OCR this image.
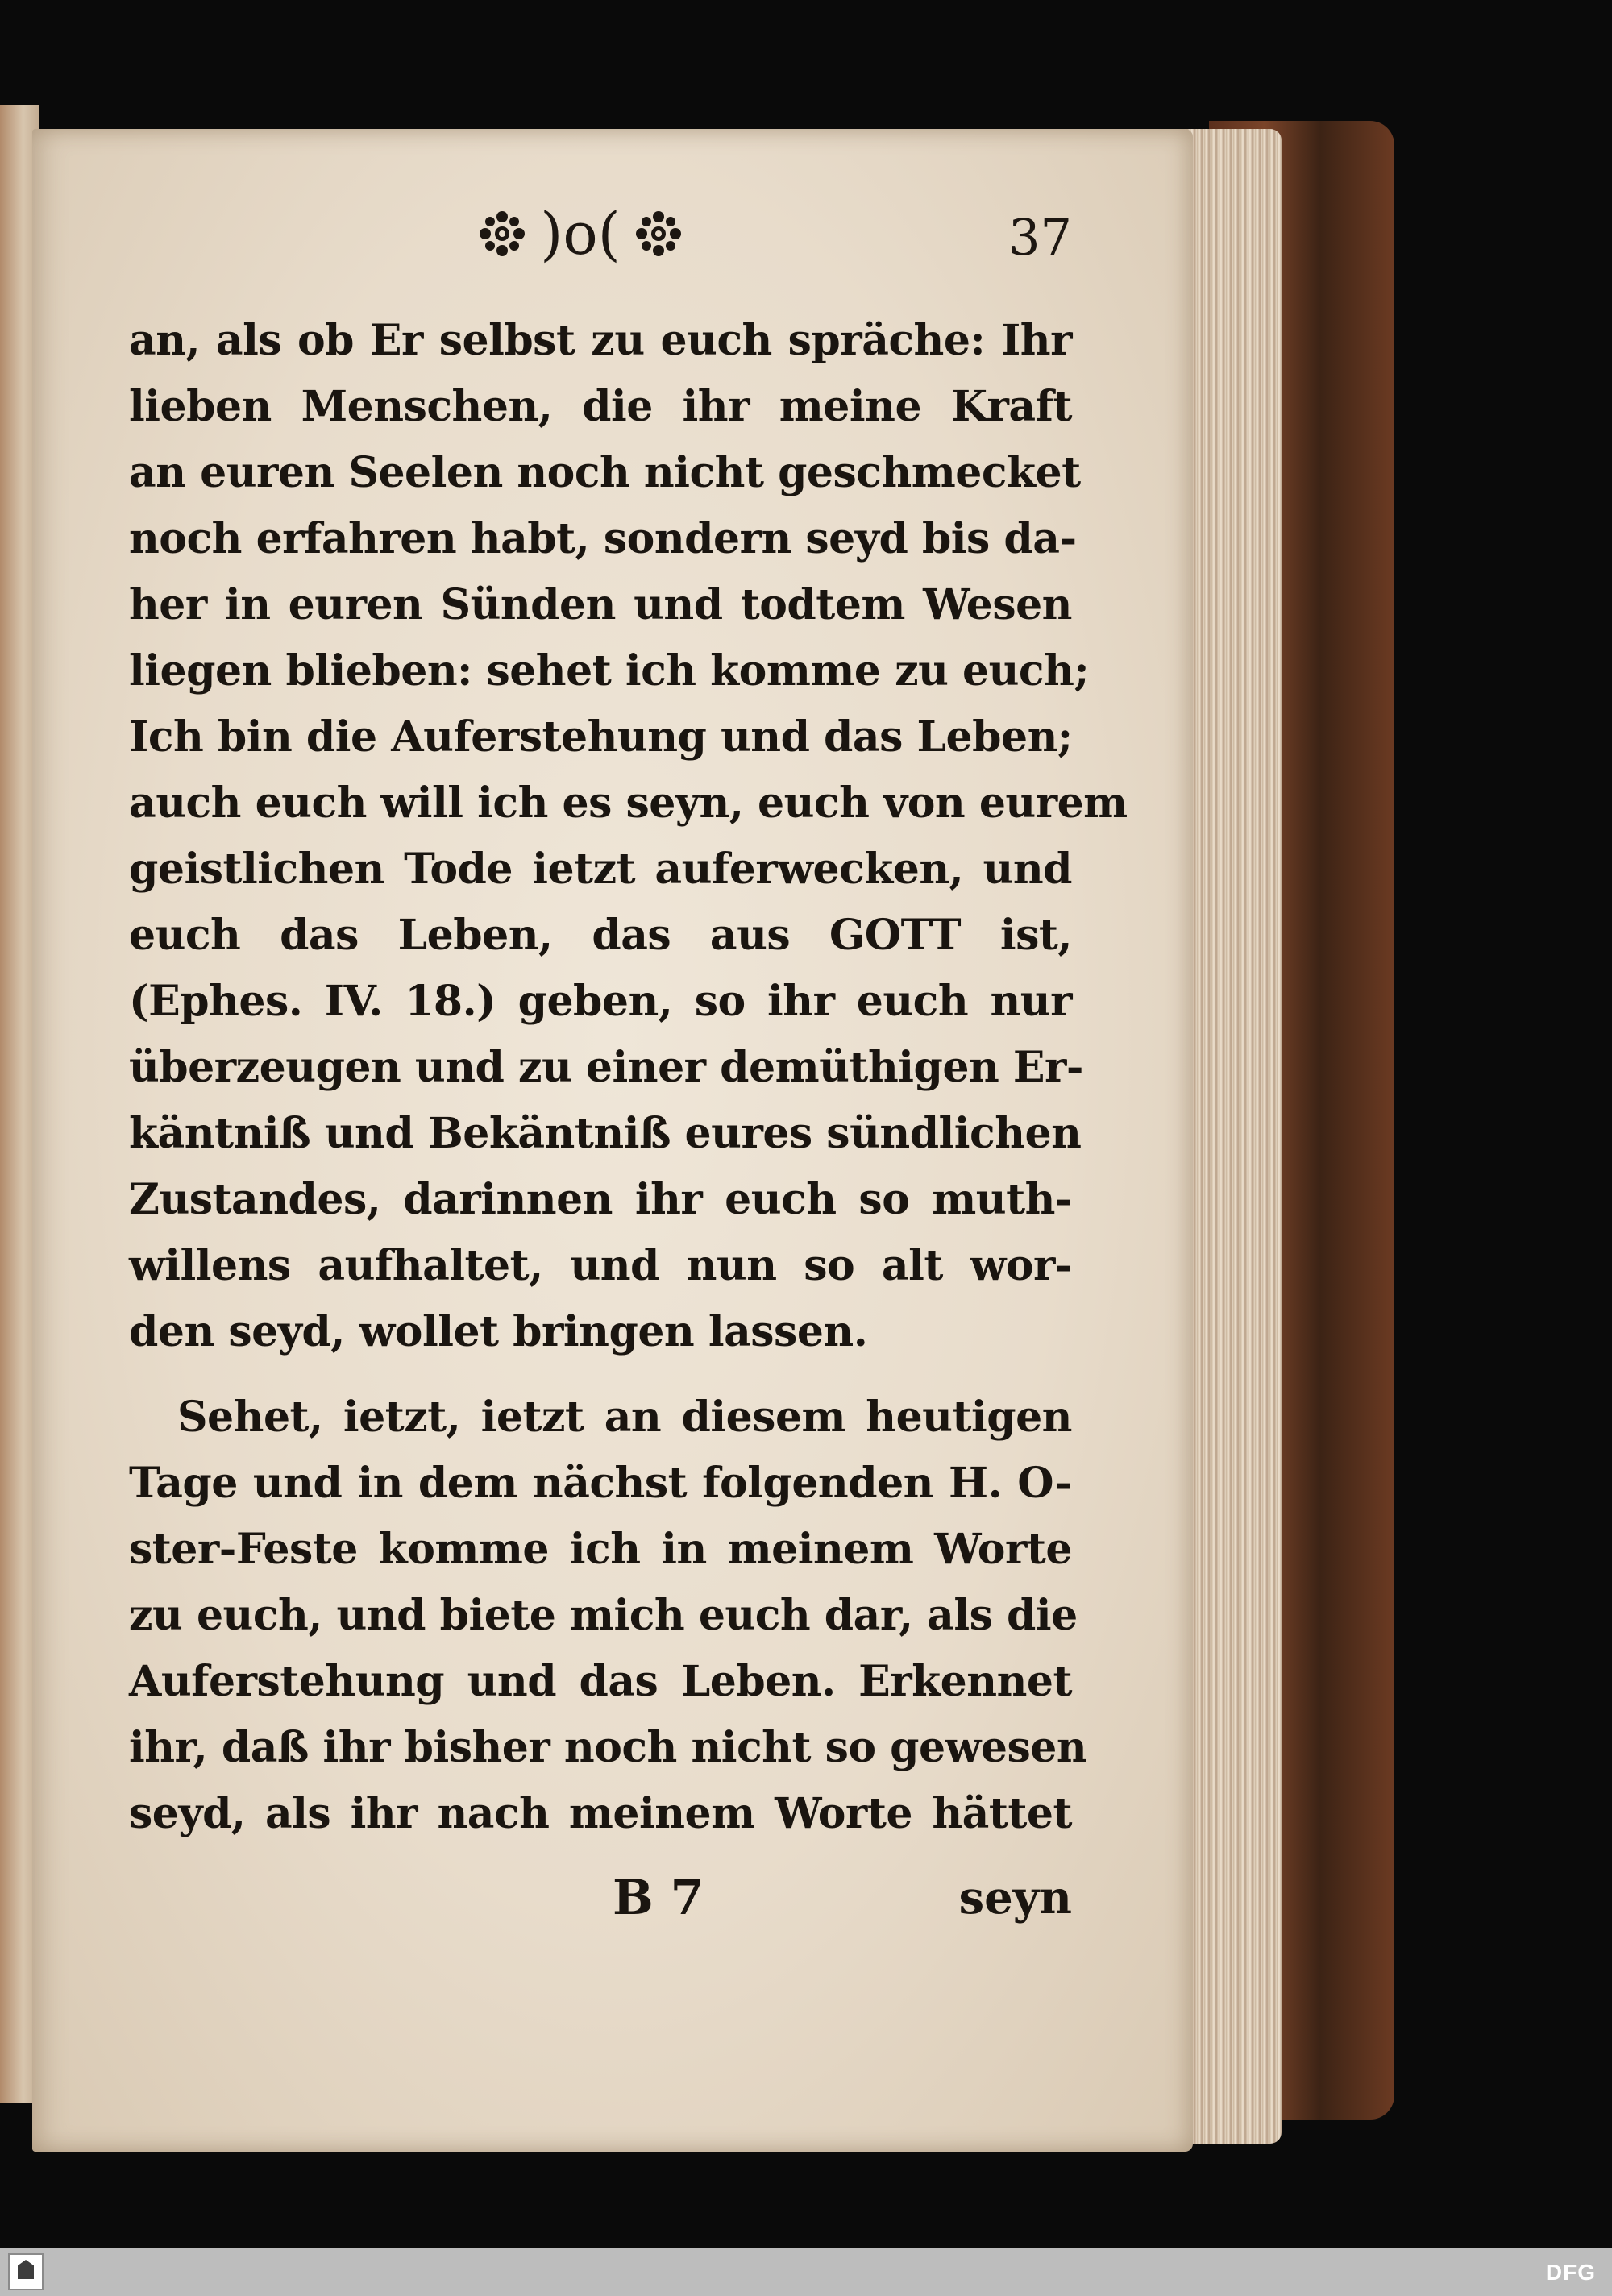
)o(	37
an, als ob Er selbst zu euch spräche: Ihr
lieben Menschen, die ihr meine Kraft
an euren Seelen noch nicht geschmecket
noch erfahren habt, sondern seyd bis da-
her in euren Sünden und todtem Wesen
liegen blieben: sehet ich komme zu euch;
Ich bin die Auferstehung und das Leben;
auch euch will ich es seyn, euch von eurem
geistlichen Tode ietzt auferwecken, und
euch das Leben, das aus GOTT ist,
(Ephes. IV. 18.) geben, so ihr euch nur
überzeugen und zu einer demüthigen Er-
käntniß und Bekäntniß eures sündlichen
Zustandes, darinnen ihr euch so muth-
willens aufhaltet, und nun so alt wor-
den seyd, wollet bringen lassen.
Sehet, ietzt, ietzt an diesem heutigen
Tage und in dem nächst folgenden H. O-
ster-Feste komme ich in meinem Worte
zu euch, und biete mich euch dar, als die
Auferstehung und das Leben. Erkennet
ihr, daß ihr bisher noch nicht so gewesen
seyd, als ihr nach meinem Worte hättet
B 7	seyn
DFG
